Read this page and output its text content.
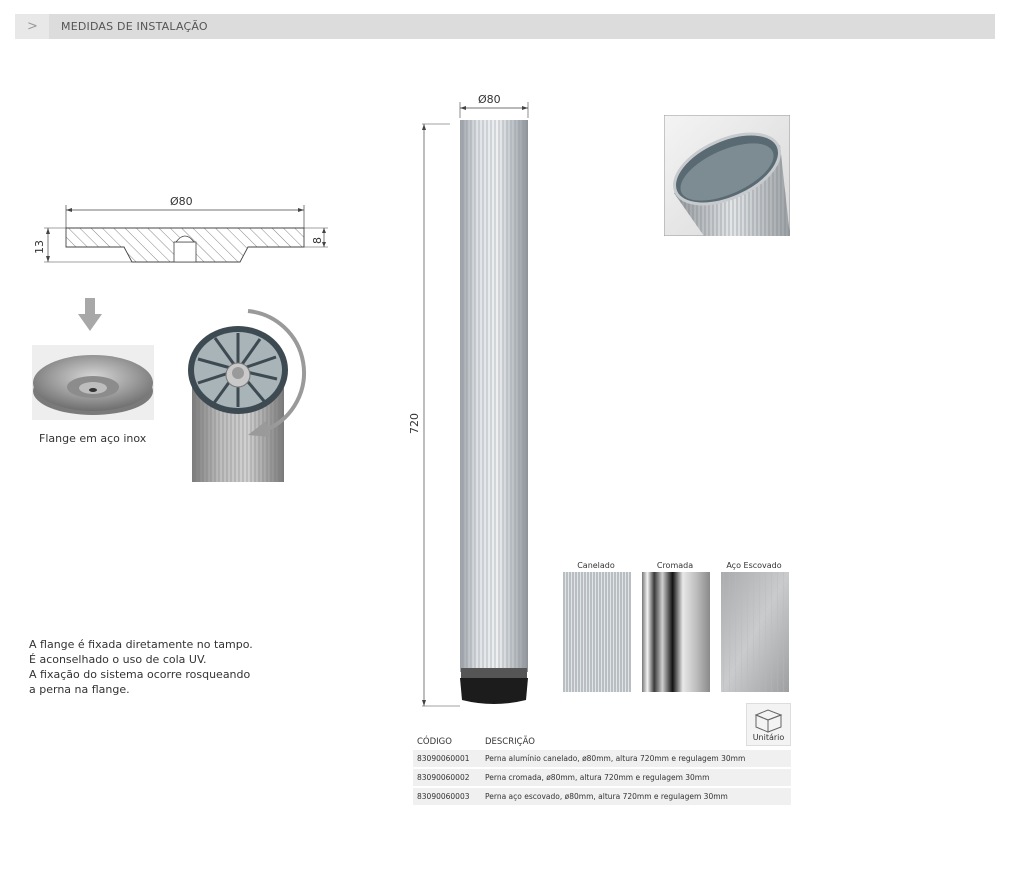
> MEDIDAS DE INSTALAÇÃO
Ø80
13	8
Flange em aço inox

A flange é fixada diretamente no tampo.

É aconselhado o uso de cola UV.

A fixação do sistema ocorre rosqueando

a perna na flange.

Ø80
720
Canelado	Cromada	Aço Escovado
Unitário
CÓDIGO	DESCRIÇÃO
83090060001	Perna alumínio canelado, ø80mm, altura 720mm e regulagem 30mm
83090060002	Perna cromada, ø80mm, altura 720mm e regulagem 30mm
83090060003	Perna aço escovado, ø80mm, altura 720mm e regulagem 30mm
